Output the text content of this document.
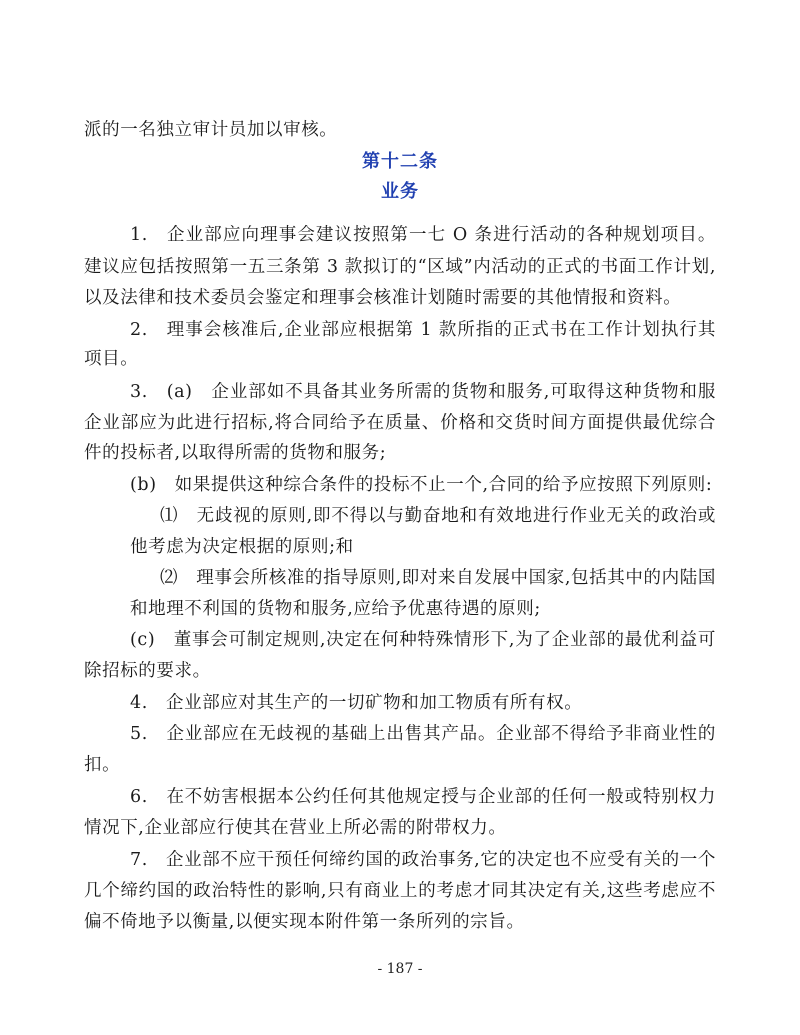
派的一名独立审计员加以审核。
第十二条
业务
1.　企业部应向理事会建议按照第一七 O 条进行活动的各种规划项目。
建议应包括按照第一五三条第 3 款拟订的“区域”内活动的正式的书面工作计划,
以及法律和技术委员会鉴定和理事会核准计划随时需要的其他情报和资料。
2.　理事会核准后,企业部应根据第 1 款所指的正式书在工作计划执行其
项目。
3.　(a)　企业部如不具备其业务所需的货物和服务,可取得这种货物和服
企业部应为此进行招标,将合同给予在质量、价格和交货时间方面提供最优综合
件的投标者,以取得所需的货物和服务;
(b)　如果提供这种综合条件的投标不止一个,合同的给予应按照下列原则:
⑴　无歧视的原则,即不得以与勤奋地和有效地进行作业无关的政治或
他考虑为决定根据的原则;和
⑵　理事会所核准的指导原则,即对来自发展中国家,包括其中的内陆国
和地理不利国的货物和服务,应给予优惠待遇的原则;
(c)　董事会可制定规则,决定在何种特殊情形下,为了企业部的最优利益可
除招标的要求。
4.　企业部应对其生产的一切矿物和加工物质有所有权。
5.　企业部应在无歧视的基础上出售其产品。企业部不得给予非商业性的
扣。
6.　在不妨害根据本公约任何其他规定授与企业部的任何一般或特别权力
情况下,企业部应行使其在营业上所必需的附带权力。
7.　企业部不应干预任何缔约国的政治事务,它的决定也不应受有关的一个
几个缔约国的政治特性的影响,只有商业上的考虑才同其决定有关,这些考虑应不
偏不倚地予以衡量,以便实现本附件第一条所列的宗旨。
- 187 -
